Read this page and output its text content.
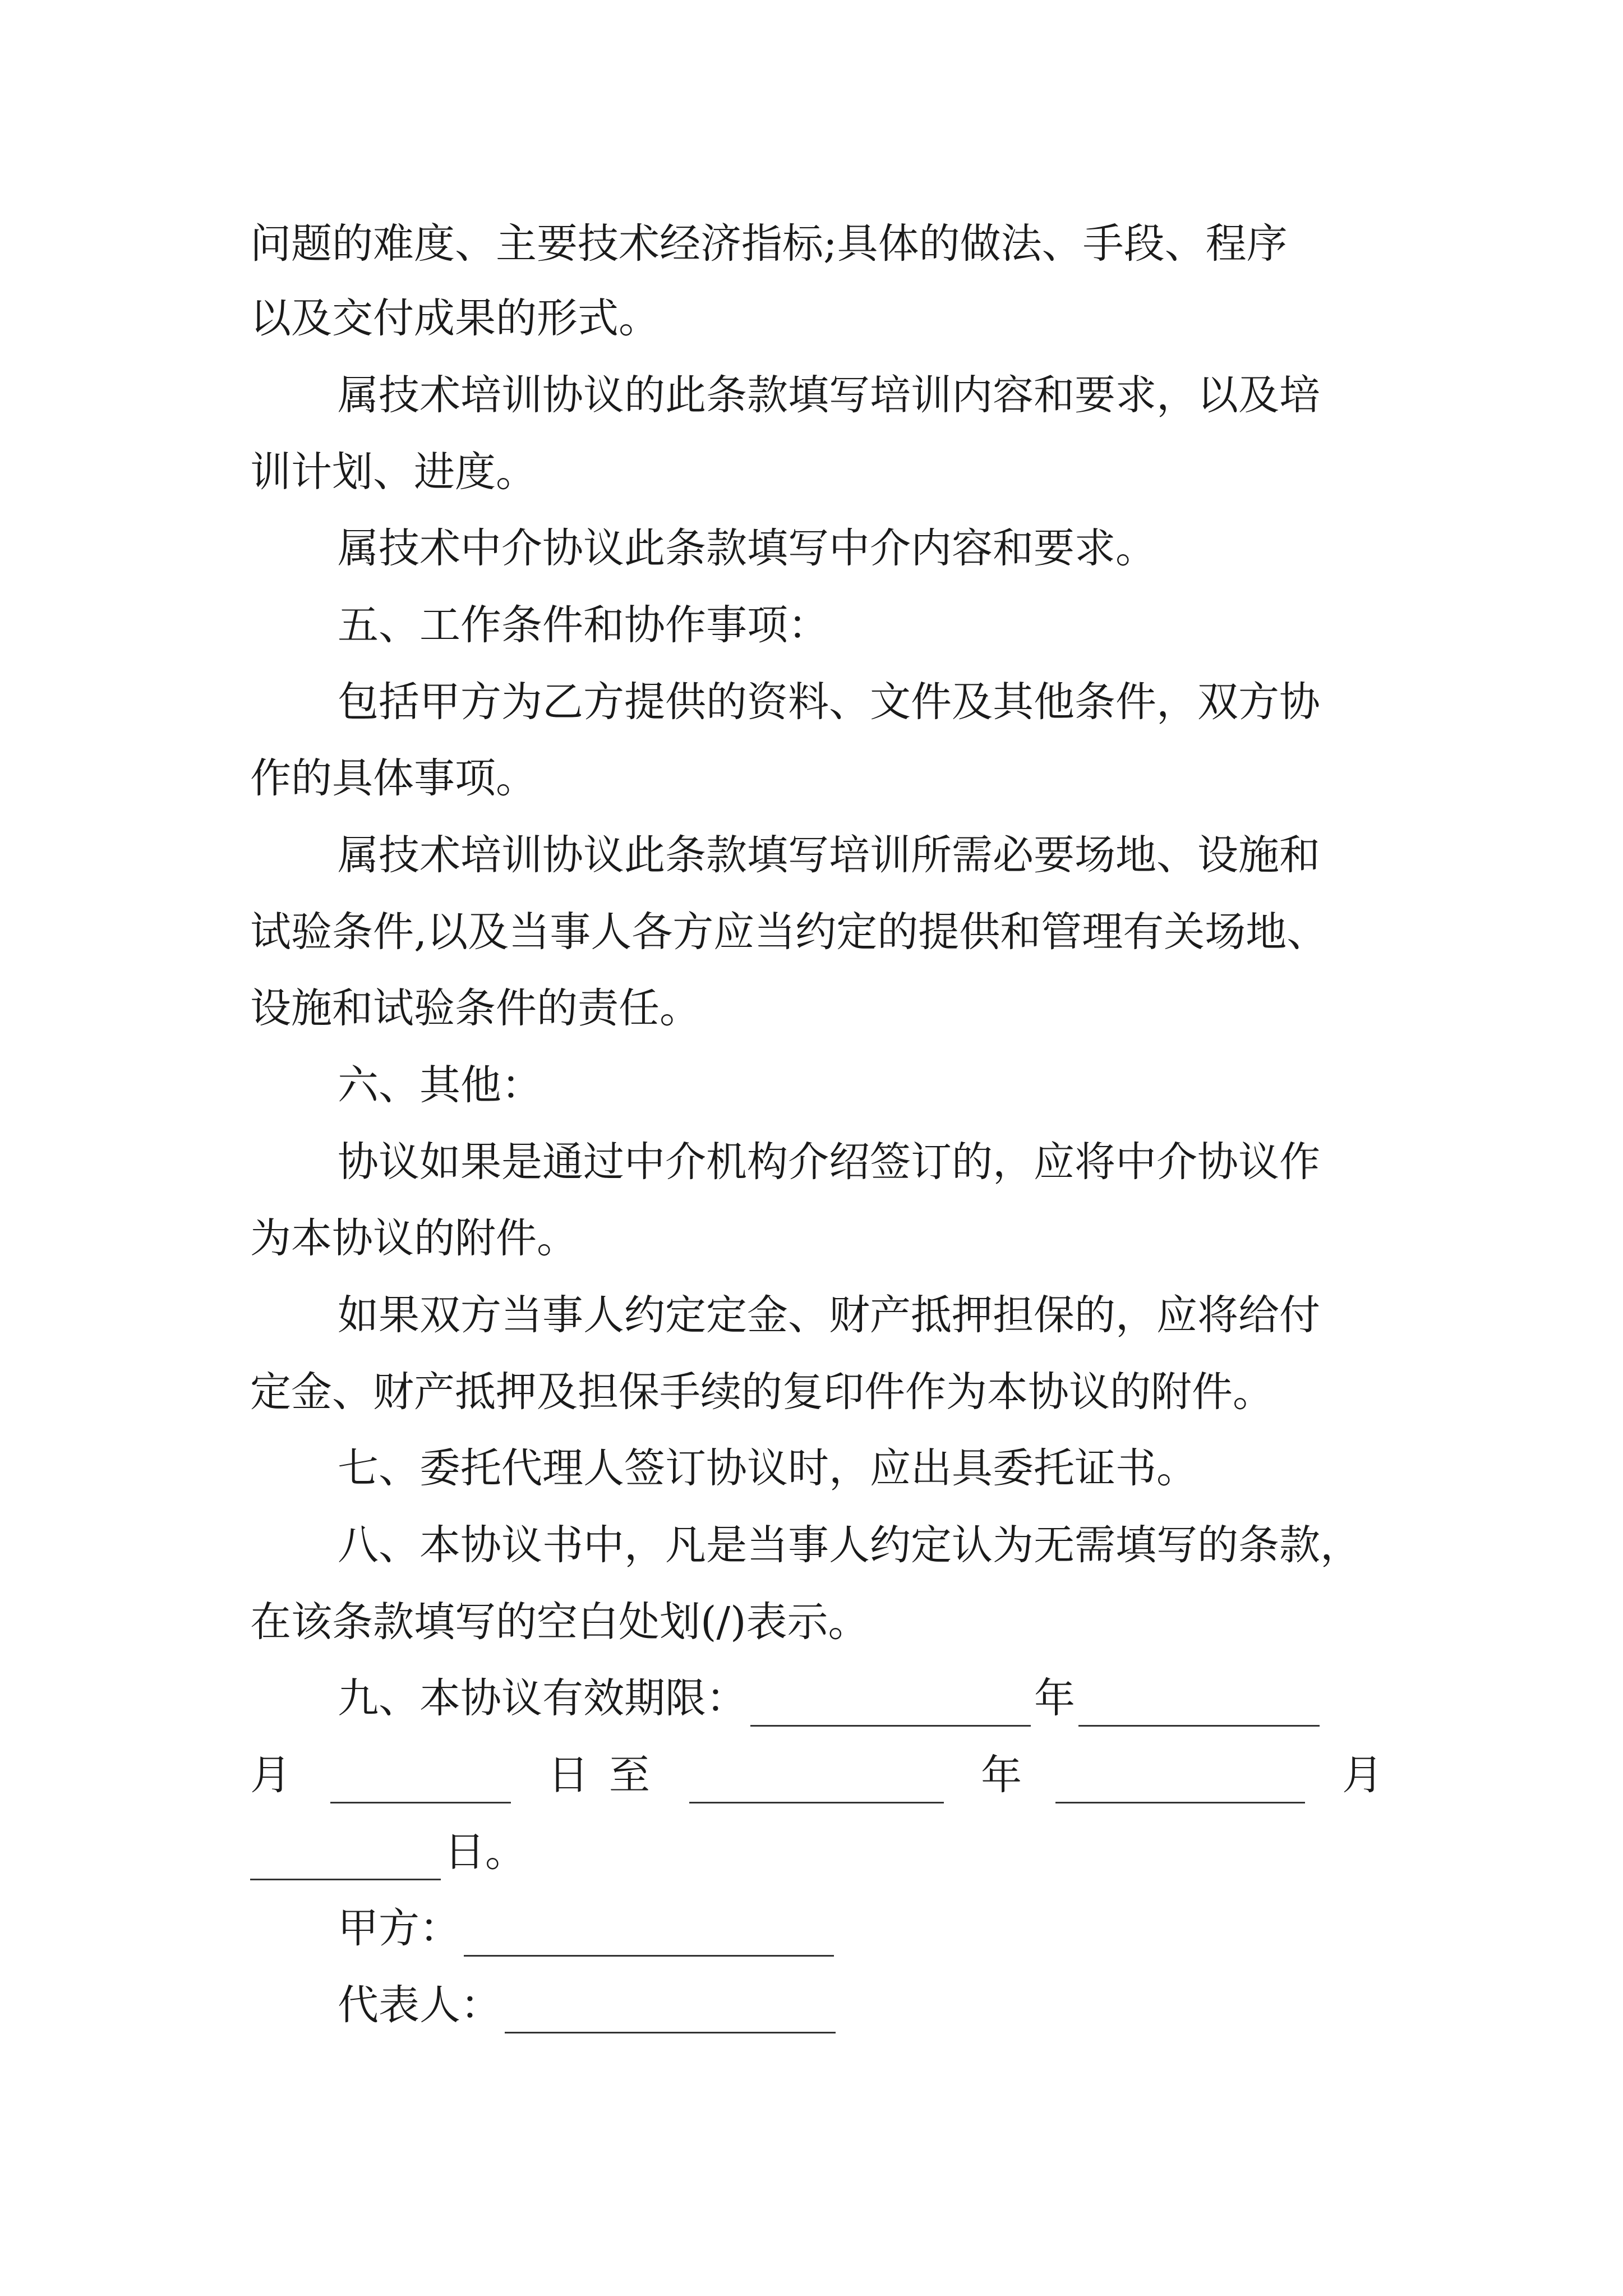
问题的难度、主要技术经济指标;具体的做法、手段、程序
以及交付成果的形式。
属技术培训协议的此条款填写培训内容和要求，以及培
训计划、进度。
属技术中介协议此条款填写中介内容和要求。
五、工作条件和协作事项：
包括甲方为乙方提供的资料、文件及其他条件，双方协
作的具体事项。
属技术培训协议此条款填写培训所需必要场地、设施和
试验条件,以及当事人各方应当约定的提供和管理有关场地、
设施和试验条件的责任。
六、其他：
协议如果是通过中介机构介绍签订的，应将中介协议作
为本协议的附件。
如果双方当事人约定定金、财产抵押担保的，应将给付
定金、财产抵押及担保手续的复印件作为本协议的附件。
七、委托代理人签订协议时，应出具委托证书。
八、本协议书中，凡是当事人约定认为无需填写的条款，
在该条款填写的空白处划(/)表示。
九、本协议有效期限：	年
月	日 至	年	月
日。
甲方：
代表人：
